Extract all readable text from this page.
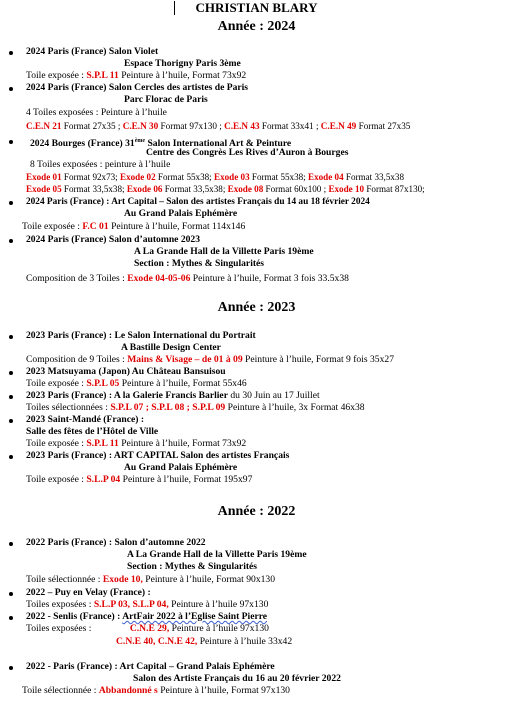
CHRISTIAN BLARY
Année : 2024
2024 Paris (France) Salon Violet
Espace Thorigny Paris 3ème
Toile exposée : S.P.L 11 Peinture à l’huile, Format 73x92
2024 Paris (France) Salon Cercles des artistes de Paris
Parc Florac de Paris
4 Toiles exposées : Peinture à l’huile
C.E.N 21 Format 27x35 ; C.E.N 30 Format 97x130 ; C.E.N 43 Format 33x41 ; C.E.N 49 Format 27x35
2024 Bourges (France) 31ème Salon International Art & Peinture
Centre des Congrès Les Rives d’Auron à Bourges
8 Toiles exposées : peinture à l’huile
Exode 01 Format 92x73; Exode 02 Format 55x38; Exode 03 Format 55x38; Exode 04 Format 33,5x38
Exode 05 Format 33,5x38; Exode 06 Format 33,5x38; Exode 08 Format 60x100 ; Exode 10 Format 87x130;
2024 Paris (France) : Art Capital – Salon des artistes Français du 14 au 18 février 2024
Au Grand Palais Ephémère
Toile exposée : F.C 01 Peinture à l’huile, Format 114x146
2024 Paris (France) Salon d’automne 2023
A La Grande Hall de la Villette Paris 19ème
Section : Mythes & Singularités
Composition de 3 Toiles : Exode 04-05-06 Peinture à l’huile, Format 3 fois 33.5x38
Année : 2023
2023 Paris (France) : Le Salon International du Portrait
A Bastille Design Center
Composition de 9 Toiles : Mains & Visage – de 01 à 09 Peinture à l’huile, Format 9 fois 35x27
2023 Matsuyama (Japon) Au Château Bansuisou
Toile exposée : S.P.L 05 Peinture à l’huile, Format 55x46
2023 Paris (France) : A la Galerie Francis Barlier du 30 Juin au 17 Juillet
Toiles sélectionnées : S.P.L 07 ; S.P.L 08 ; S.P.L 09 Peinture à l’huile, 3x Format 46x38
2023 Saint-Mandé (France) :
Salle des fêtes de l’Hôtel de Ville
Toile exposée : S.P.L 11 Peinture à l’huile, Format 73x92
2023 Paris (France) : ART CAPITAL Salon des artistes Français
Au Grand Palais Ephémère
Toile exposée : S.L.P 04 Peinture à l’huile, Format 195x97
Année : 2022
2022 Paris (France) : Salon d’automne 2022
A La Grande Hall de la Villette Paris 19ème
Section : Mythes & Singularités
Toile sélectionnée : Exode 10, Peinture à l’huile, Format 90x130
2022 – Puy en Velay (France) :
Toiles exposées : S.L.P 03, S.L.P 04, Peinture à l’huile 97x130
2022 - Senlis (France) : ArtFair 2022 à l’Eglise Saint Pierre
Toiles exposées :	C.N.E 29, Peinture à l’huile 97x130
C.N.E 40, C.N.E 42, Peinture à l’huile 33x42
2022 - Paris (France) : Art Capital – Grand Palais Ephémère
Salon des Artiste Français du 16 au 20 février 2022
Toile sélectionnée : Abbandonné s Peinture à l’huile, Format 97x130
